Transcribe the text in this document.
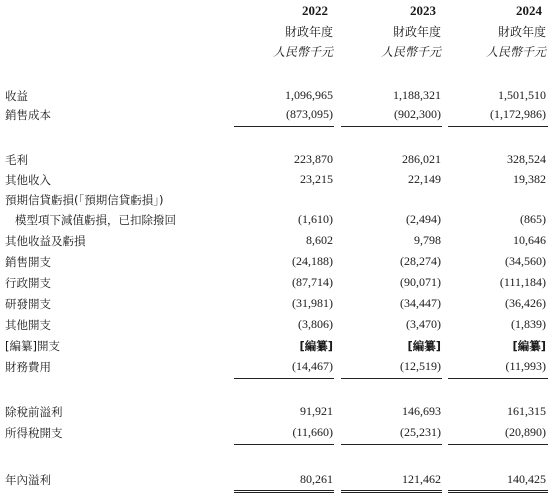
2022	2023	2024
財政年度	財政年度	財政年度
人民幣千元	人民幣千元	人民幣千元
收益	1,096,965	1,188,321	1,501,510
銷售成本	(873,095)	(902,300)	(1,172,986)
毛利	223,870	286,021	328,524
其他收入	23,215	22,149	19,382
預期信貸虧損(「預期信貸虧損」)
模型項下減值虧損，已扣除撥回	(1,610)	(2,494)	(865)
其他收益及虧損	8,602	9,798	10,646
銷售開支	(24,188)	(28,274)	(34,560)
行政開支	(87,714)	(90,071)	(111,184)
研發開支	(31,981)	(34,447)	(36,426)
其他開支	(3,806)	(3,470)	(1,839)
[編纂]開支	[編纂]	[編纂]	[編纂]
財務費用	(14,467)	(12,519)	(11,993)
除稅前溢利	91,921	146,693	161,315
所得稅開支	(11,660)	(25,231)	(20,890)
年內溢利	80,261	121,462	140,425
